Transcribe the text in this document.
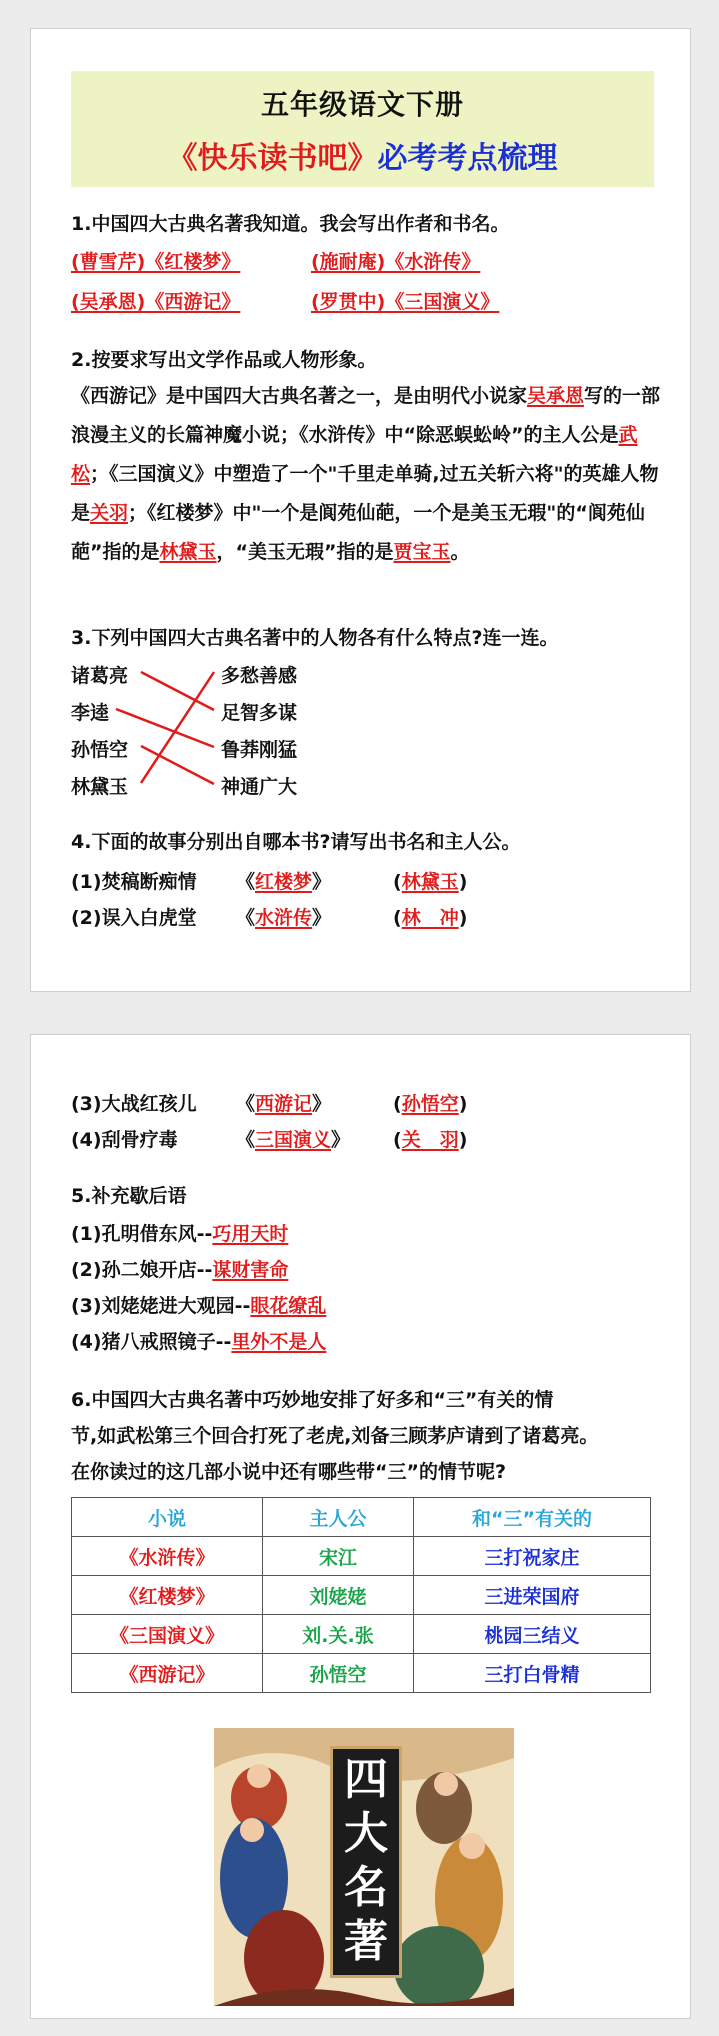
五年级语文下册
《快乐读书吧》必考考点梳理
1.中国四大古典名著我知道。我会写出作者和书名。
(曹雪芹)《红楼梦》	(施耐庵)《水浒传》
(吴承恩)《西游记》	(罗贯中)《三国演义》
2.按要求写出文学作品或人物形象。
《西游记》是中国四大古典名著之一，是由明代小说家吴承恩写的一部浪漫主义的长篇神魔小说；《水浒传》中“除恶蜈蚣岭”的主人公是武松；《三国演义》中塑造了一个"千里走单骑,过五关斩六将"的英雄人物是关羽；《红楼梦》中"一个是阆苑仙葩，一个是美玉无瑕"的“阆苑仙葩”指的是林黛玉，“美玉无瑕”指的是贾宝玉。
3.下列中国四大古典名著中的人物各有什么特点?连一连。
诸葛亮
李逵
孙悟空
林黛玉
多愁善感
足智多谋
鲁莽刚猛
神通广大
4.下面的故事分别出自哪本书?请写出书名和主人公。
(1)焚稿断痴情 《红楼梦》	(林黛玉)
(2)误入白虎堂 《水浒传》	(林　冲)
(3)大战红孩儿 《西游记》	(孙悟空)
(4)刮骨疗毒	《三国演义》 (关　羽)
5.补充歇后语
(1)孔明借东风--巧用天时
(2)孙二娘开店--谋财害命
(3)刘姥姥进大观园--眼花缭乱
(4)猪八戒照镜子--里外不是人
6.中国四大古典名著中巧妙地安排了好多和“三”有关的情
节,如武松第三个回合打死了老虎,刘备三顾茅庐请到了诸葛亮。
在你读过的这几部小说中还有哪些带“三”的情节呢?
小说	主人公	和“三”有关的
《水浒传》	宋江	三打祝家庄
《红楼梦》	刘姥姥	三进荣国府
《三国演义》	刘.关.张	桃园三结义
《西游记》	孙悟空	三打白骨精
四
大
名
著
